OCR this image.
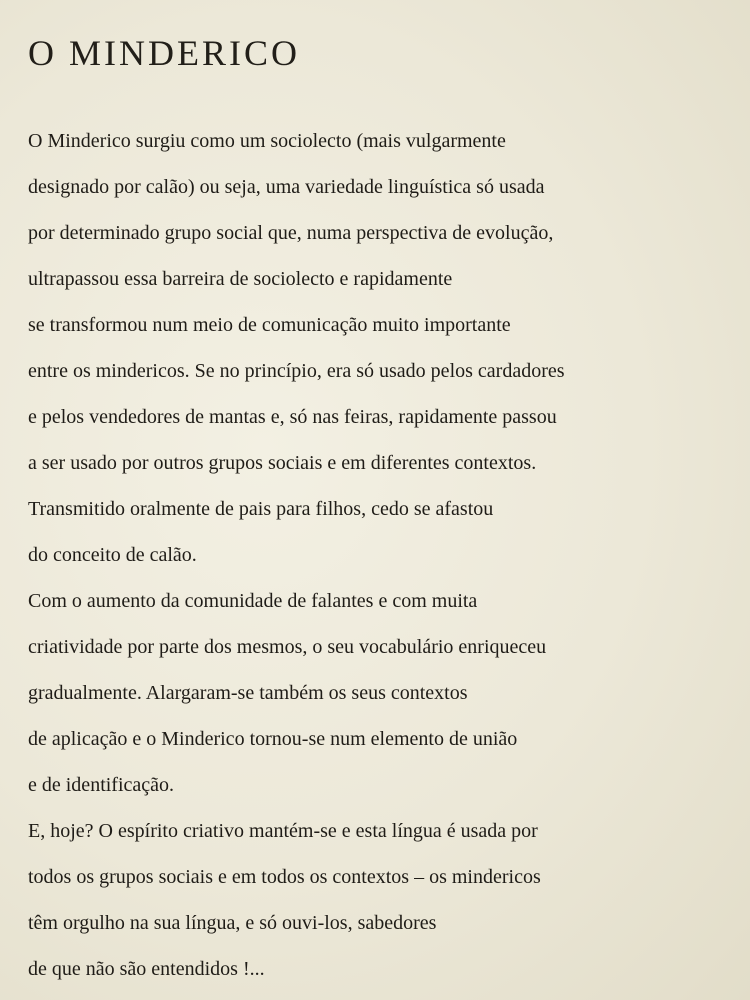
O MINDERICO
O Minderico surgiu como um sociolecto (mais vulgarmente
designado por calão) ou seja, uma variedade linguística só usada
por determinado grupo social que, numa perspectiva de evolução,
ultrapassou essa barreira de sociolecto e rapidamente
se transformou num meio de comunicação muito importante
entre os mindericos. Se no princípio, era só usado pelos cardadores
e pelos vendedores de mantas e, só nas feiras, rapidamente passou
a ser usado por outros grupos sociais e em diferentes contextos.
Transmitido oralmente de pais para filhos, cedo se afastou
do conceito de calão.
Com o aumento da comunidade de falantes e com muita
criatividade por parte dos mesmos, o seu vocabulário enriqueceu
gradualmente. Alargaram-se também os seus contextos
de aplicação e o Minderico tornou-se num elemento de união
e de identificação.
E, hoje? O espírito criativo mantém-se e esta língua é usada por
todos os grupos sociais e em todos os contextos – os mindericos
têm orgulho na sua língua, e só ouvi-los, sabedores
de que não são entendidos !...
